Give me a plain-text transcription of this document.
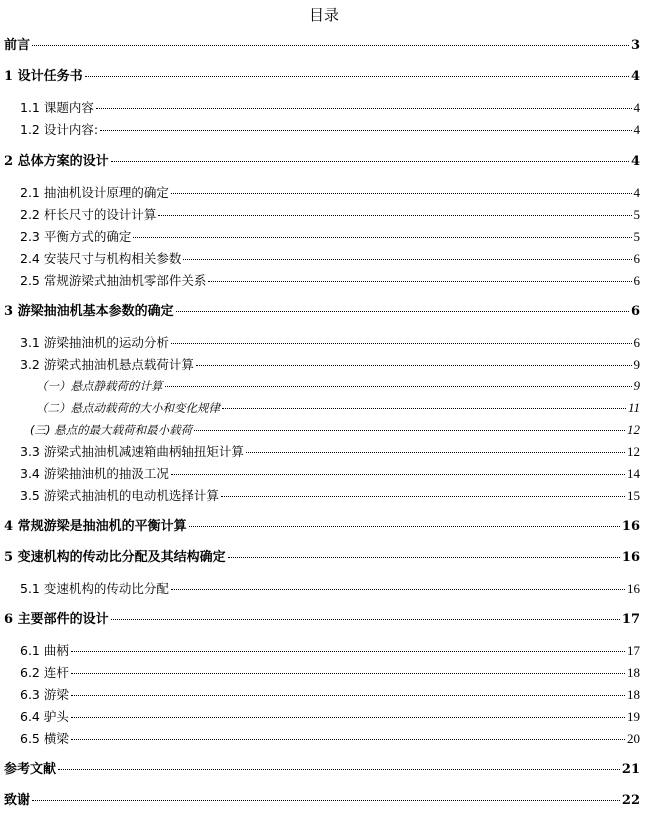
目录
前言	3
1 设计任务书	4
1.1 课题内容	4
1.2 设计内容:	4
2 总体方案的设计	4
2.1 抽油机设计原理的确定	4
2.2 杆长尺寸的设计计算	5
2.3 平衡方式的确定	5
2.4 安装尺寸与机构相关参数	6
2.5 常规游梁式抽油机零部件关系	6
3 游梁抽油机基本参数的确定	6
3.1 游梁抽油机的运动分析	6
3.2 游梁式抽油机悬点载荷计算	9
（一）悬点静载荷的计算	9
（二）悬点动载荷的大小和变化规律	11
(三) 悬点的最大载荷和最小载荷	12
3.3 游梁式抽油机减速箱曲柄轴扭矩计算	12
3.4 游梁抽油机的抽汲工况	14
3.5 游梁式抽油机的电动机选择计算	15
4 常规游梁是抽油机的平衡计算	16
5 变速机构的传动比分配及其结构确定	16
5.1 变速机构的传动比分配	16
6 主要部件的设计	17
6.1 曲柄	17
6.2 连杆	18
6.3 游梁	18
6.4 驴头	19
6.5 横梁	20
参考文献	21
致谢	22
